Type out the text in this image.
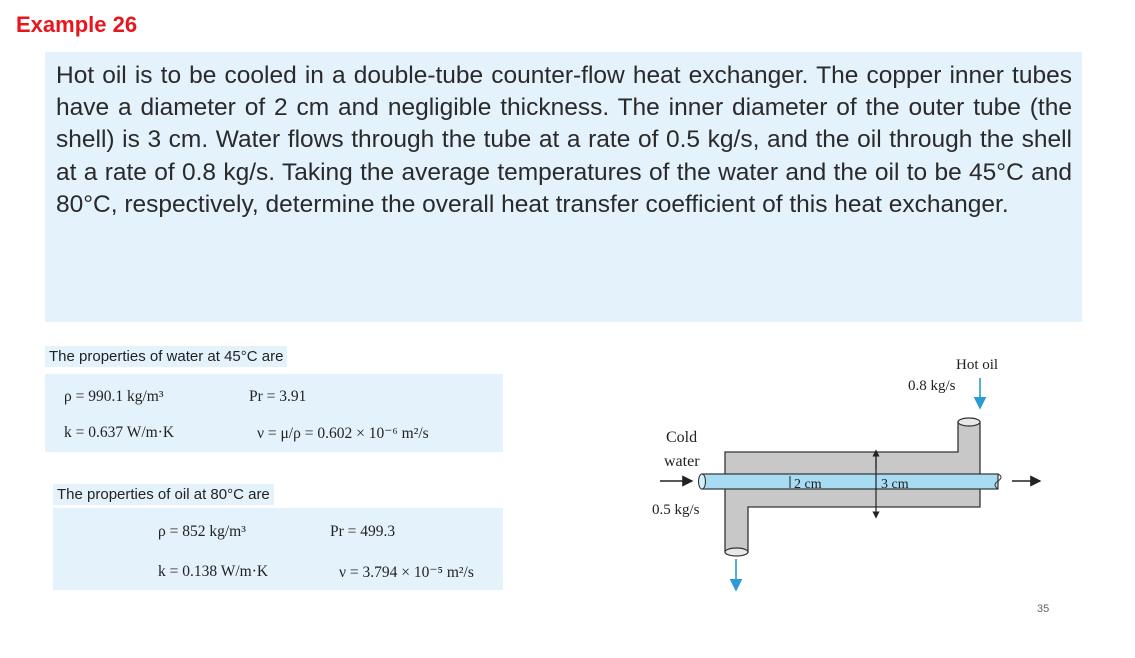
Example 26

Hot oil is to be cooled in a double-tube counter-flow heat exchanger. The copper inner tubes have a diameter of 2 cm and negligible thickness. The inner diameter of the outer tube (the shell) is 3 cm. Water flows through the tube at a rate of 0.5 kg/s, and the oil through the shell at a rate of 0.8 kg/s. Taking the average temperatures of the water and the oil to be 45°C and 80°C, respectively, determine the overall heat transfer coefficient of this heat exchanger.

The properties of water at 45°C are
ρ = 990.1 kg/m³	Pr = 3.91
k = 0.637 W/m·K	ν = μ/ρ = 0.602 × 10⁻⁶ m²/s
The properties of oil at 80°C are
ρ = 852 kg/m³	Pr = 499.3
k = 0.138 W/m·K	ν = 3.794 × 10⁻⁵ m²/s
2 cm	3 cm
Hot oil
0.8 kg/s
Cold
water
0.5 kg/s
35
